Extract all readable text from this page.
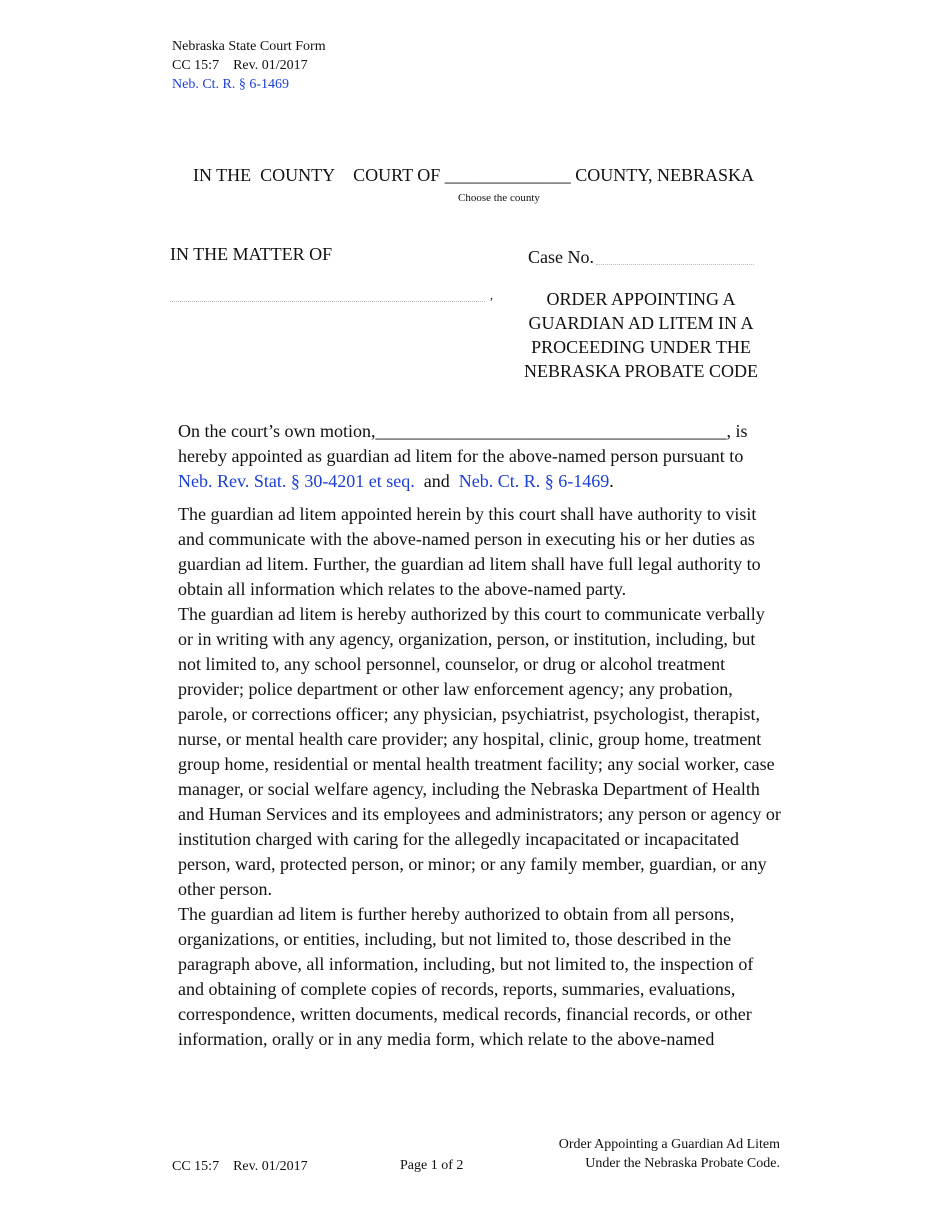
Nebraska State Court Form
CC 15:7 Rev. 01/2017
Neb. Ct. R. § 6-1469
IN THE COUNTY COURT OF ______________ COUNTY, NEBRASKA
Choose the county
IN THE MATTER OF
,
Case No.
ORDER APPOINTING A
GUARDIAN AD LITEM IN A
PROCEEDING UNDER THE
NEBRASKA PROBATE CODE

On the court’s own motion,_______________________________________, is
hereby appointed as guardian ad litem for the above-named person pursuant to
Neb. Rev. Stat. § 30-4201 et seq. and Neb. Ct. R. § 6-1469.

The guardian ad litem appointed herein by this court shall have authority to visit and communicate with the above-named person in executing his or her duties as guardian ad litem. Further, the guardian ad litem shall have full legal authority to obtain all information which relates to the above-named party.

The guardian ad litem is hereby authorized by this court to communicate verbally or in writing with any agency, organization, person, or institution, including, but not limited to, any school personnel, counselor, or drug or alcohol treatment provider; police department or other law enforcement agency; any probation, parole, or corrections officer; any physician, psychiatrist, psychologist, therapist, nurse, or mental health care provider; any hospital, clinic, group home, treatment group home, residential or mental health treatment facility; any social worker, case manager, or social welfare agency, including the Nebraska Department of Health and Human Services and its employees and administrators; any person or agency or institution charged with caring for the allegedly incapacitated or incapacitated person, ward, protected person, or minor; or any family member, guardian, or any other person.

The guardian ad litem is further hereby authorized to obtain from all persons, organizations, or entities, including, but not limited to, those described in the paragraph above, all information, including, but not limited to, the inspection of and obtaining of complete copies of records, reports, summaries, evaluations, correspondence, written documents, medical records, financial records, or other information, orally or in any media form, which relate to the above-named

CC 15:7 Rev. 01/2017	Page 1 of 2
Order Appointing a Guardian Ad Litem
Under the Nebraska Probate Code.
